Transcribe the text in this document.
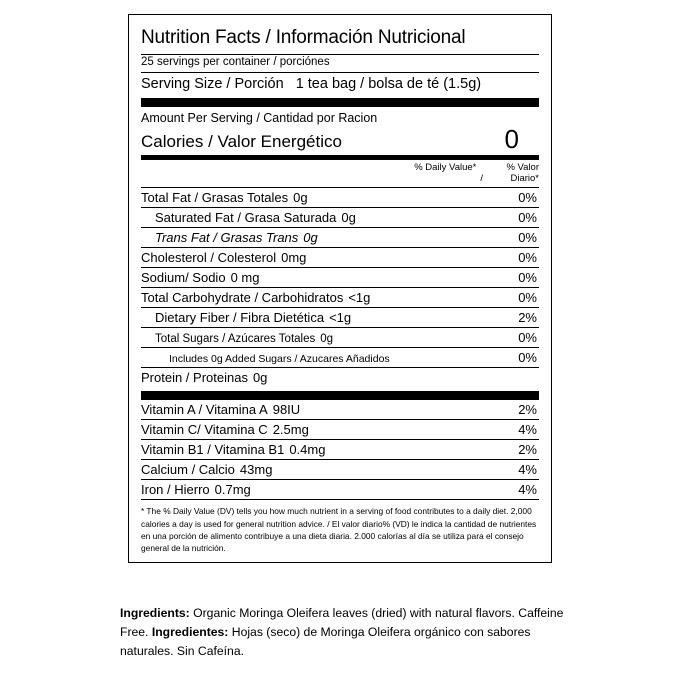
Nutrition Facts / Información Nutricional
25 servings per container / porciónes
Serving Size / Porción 1 tea bag / bolsa de té (1.5g)
Amount Per Serving / Cantidad por Racion
Calories / Valor Energético	0
% Daily Value*
/
% Valor Diario*
Total Fat / Grasas Totales 0g	0%
Saturated Fat / Grasa Saturada 0g	0%
Trans Fat / Grasas Trans 0g	0%
Cholesterol / Colesterol 0mg	0%
Sodium/ Sodio 0 mg	0%
Total Carbohydrate / Carbohidratos <1g	0%
Dietary Fiber / Fibra Dietética <1g	2%
Total Sugars / Azúcares Totales 0g	0%
Includes 0g Added Sugars / Azucares Añadidos	0%
Protein / Proteinas 0g	
Vitamin A / Vitamina A 98IU	2%
Vitamin C/ Vitamina C 2.5mg	4%
Vitamin B1 / Vitamina B1 0.4mg	2%
Calcium / Calcio 43mg	4%
Iron / Hierro 0.7mg	4%
* The % Daily Value (DV) tells you how much nutrient in a serving of food contributes to a daily diet. 2,000 calories a day is used for general nutrition advice. / El valor diario% (VD) le indica la cantidad de nutrientes en una porción de alimento contribuye a una dieta diaria. 2.000 calorías al día se utiliza para el consejo general de la nutrición.
Ingredients: Organic Moringa Oleifera leaves (dried) with natural flavors. Caffeine Free. Ingredientes: Hojas (seco) de Moringa Oleifera orgánico con sabores naturales. Sin Cafeína.
